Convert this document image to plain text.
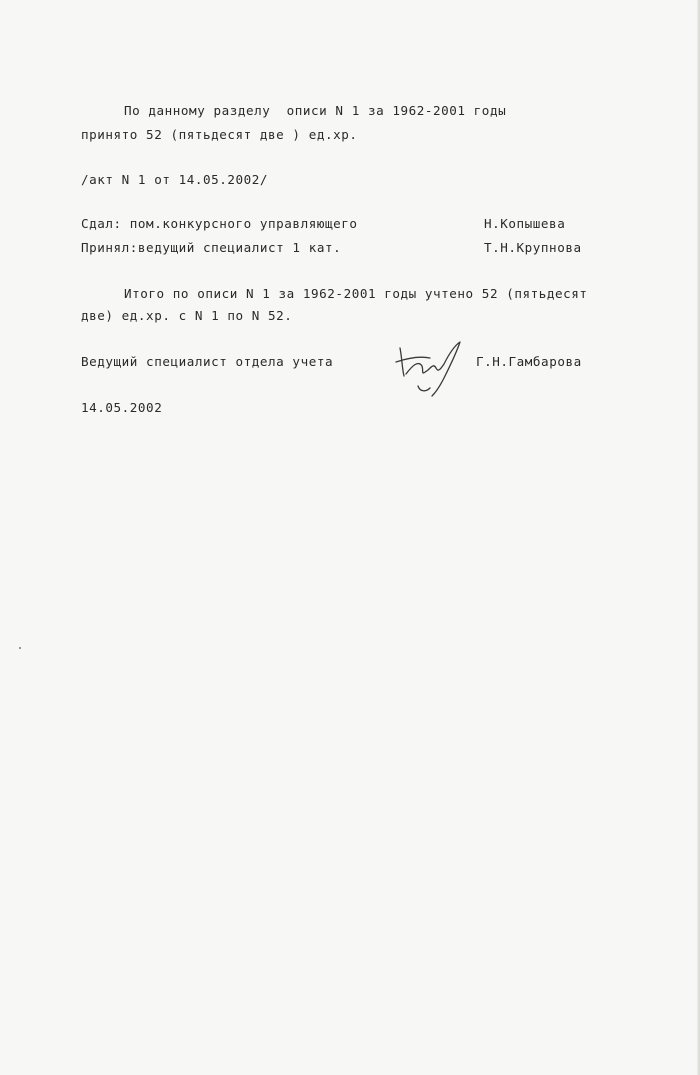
По данному разделу  описи N 1 за 1962-2001 годы
принято 52 (пятьдесят две ) ед.хр.
/акт N 1 от 14.05.2002/
Сдал: пом.конкурсного управляющего	Н.Копышева
Принял:ведущий специалист 1 кат.	Т.Н.Крупнова
Итого по описи N 1 за 1962-2001 годы учтено 52 (пятьдесят
две) ед.хр. с N 1 по N 52.
Ведущий специалист отдела учета	Г.Н.Гамбарова
14.05.2002
